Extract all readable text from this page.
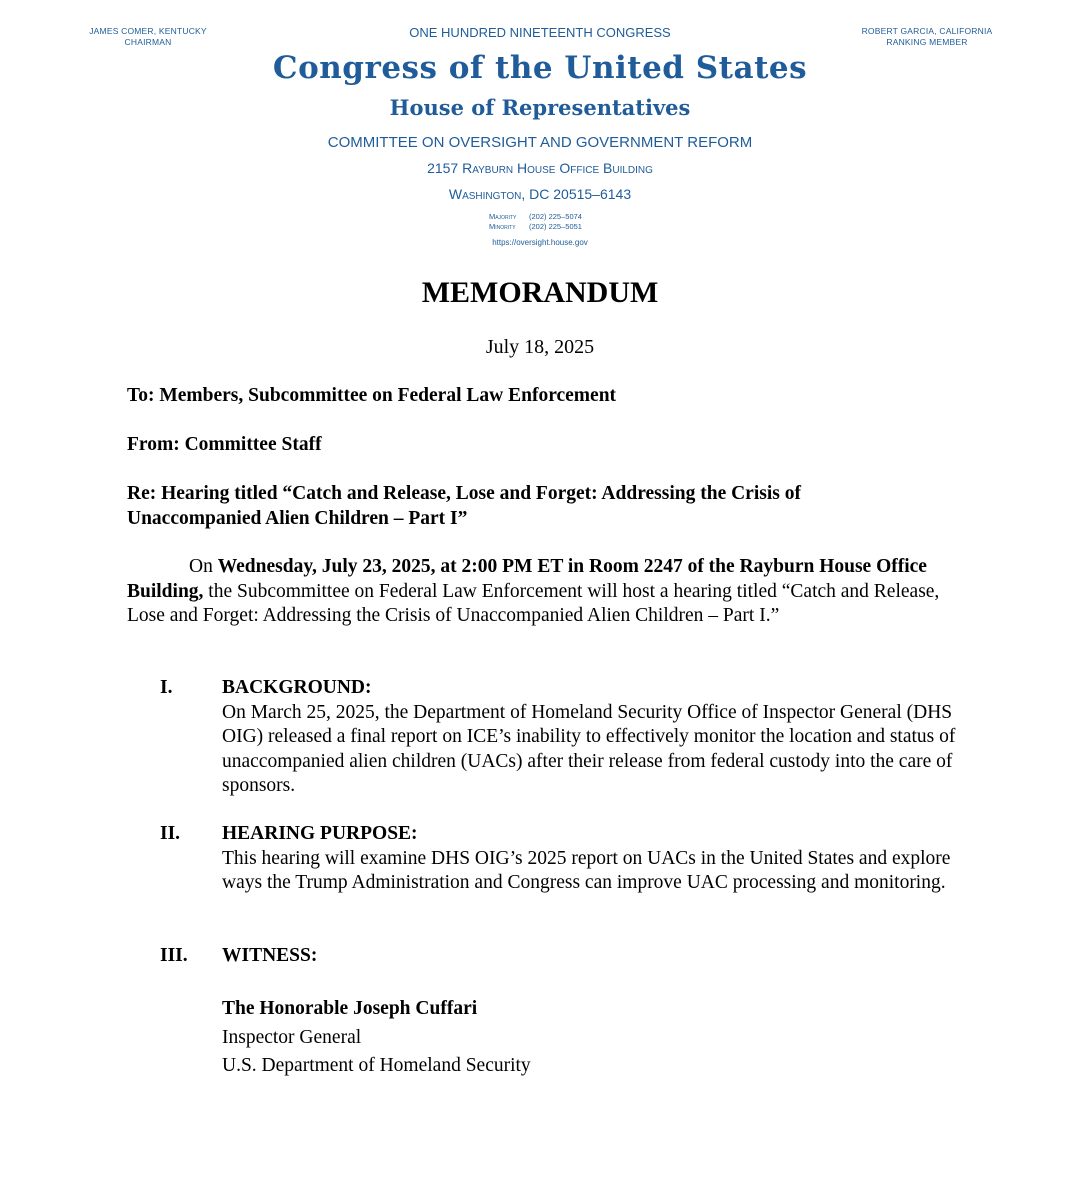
JAMES COMER, KENTUCKY
CHAIRMAN
ROBERT GARCIA, CALIFORNIA
RANKING MEMBER
ONE HUNDRED NINETEENTH CONGRESS
Congress of the United States
House of Representatives
COMMITTEE ON OVERSIGHT AND GOVERNMENT REFORM
2157 Rayburn House Office Building
Washington, DC 20515–6143
Majority (202) 225–5074
Minority (202) 225–5051
https://oversight.house.gov
MEMORANDUM
July 18, 2025
To: Members, Subcommittee on Federal Law Enforcement
From: Committee Staff
Re: Hearing titled “Catch and Release, Lose and Forget: Addressing the Crisis of
Unaccompanied Alien Children – Part I”
On Wednesday, July 23, 2025, at 2:00 PM ET in Room 2247 of the Rayburn House Office Building, the Subcommittee on Federal Law Enforcement will host a hearing titled “Catch and Release, Lose and Forget: Addressing the Crisis of Unaccompanied Alien Children – Part I.”
I.	BACKGROUND:
On March 25, 2025, the Department of Homeland Security Office of Inspector General (DHS OIG) released a final report on ICE’s inability to effectively monitor the location and status of unaccompanied alien children (UACs) after their release from federal custody into the care of sponsors.
II. HEARING PURPOSE:
This hearing will examine DHS OIG’s 2025 report on UACs in the United States and explore ways the Trump Administration and Congress can improve UAC processing and monitoring.
III. WITNESS:
The Honorable Joseph Cuffari
Inspector General
U.S. Department of Homeland Security
